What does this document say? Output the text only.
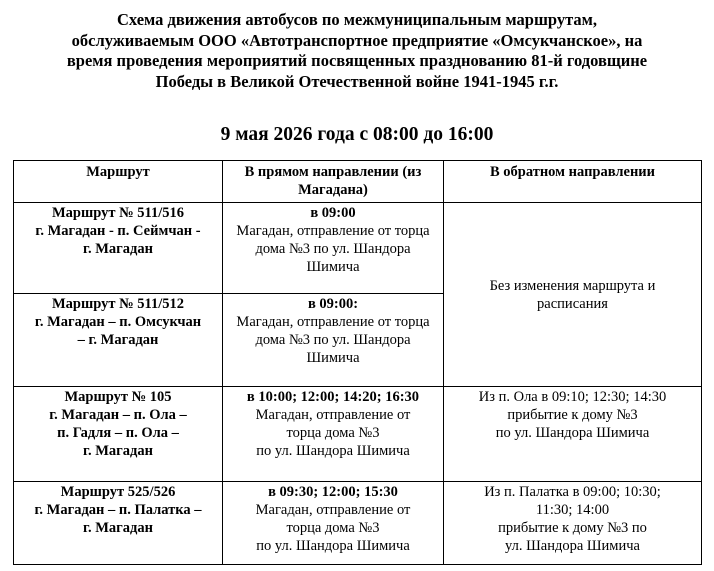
Схема движения автобусов по межмуниципальным маршрутам,
обслуживаемым ООО «Автотранспортное предприятие «Омсукчанское», на
время проведения мероприятий посвященных празднованию 81-й годовщине
Победы в Великой Отечественной войне 1941-1945 г.г.
9 мая 2026 года с 08:00 до 16:00
Маршрут	В прямом направлении (из Магадана)	В обратном направлении

Маршрут № 511/516
г. Магадан - п. Сеймчан -
г. Магадан	в 09:00
Магадан, отправление от торца
дома №3 по ул. Шандора
Шимича	Без изменения маршрута и
расписания

Маршрут № 511/512
г. Магадан – п. Омсукчан
– г. Магадан	в 09:00:
Магадан, отправление от торца
дома №3 по ул. Шандора
Шимича	

Маршрут № 105
г. Магадан – п. Ола –
п. Гадля – п. Ола –
г. Магадан	в 10:00; 12:00; 14:20; 16:30
Магадан, отправление от
торца дома №3
по ул. Шандора Шимича	Из п. Ола в 09:10; 12:30; 14:30
прибытие к дому №3
по ул. Шандора Шимича

Маршрут 525/526
г. Магадан – п. Палатка –
г. Магадан	в 09:30; 12:00; 15:30
Магадан, отправление от
торца дома №3
по ул. Шандора Шимича	Из п. Палатка в 09:00; 10:30;
11:30; 14:00
прибытие к дому №3 по
ул. Шандора Шимича
